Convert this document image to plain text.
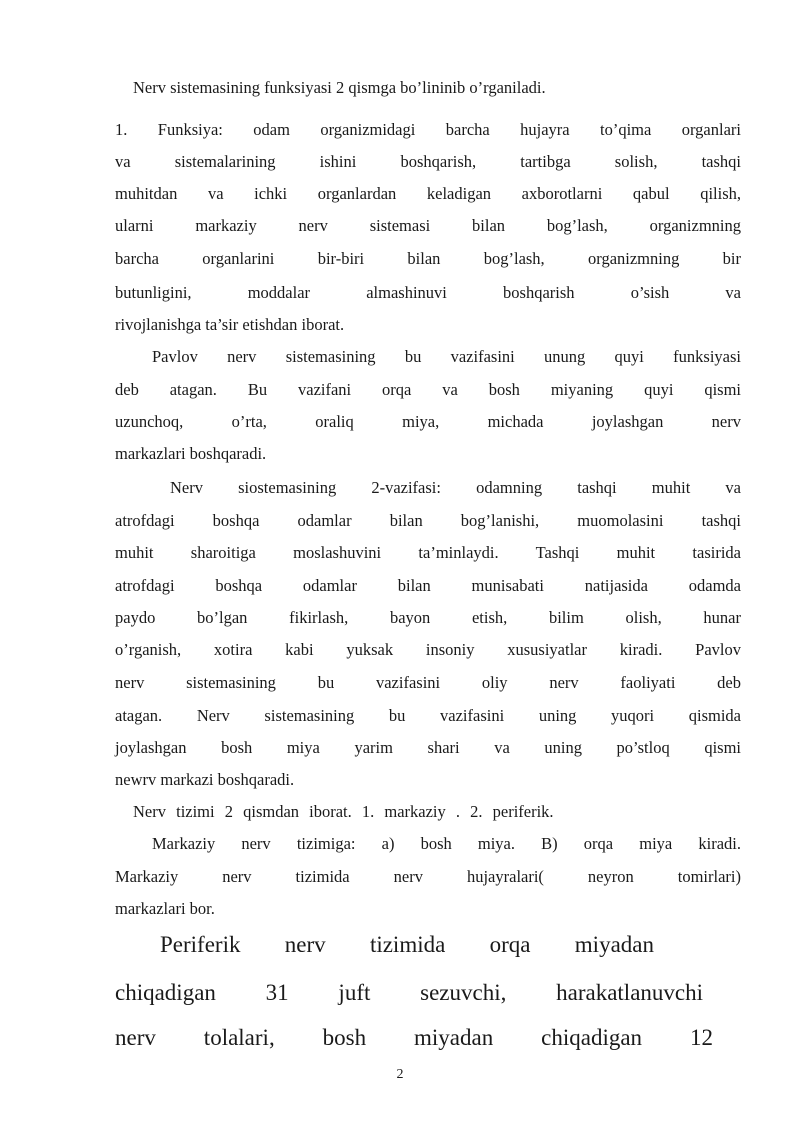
Nerv sistemasining funksiyasi 2 qismga bo’lininib o’rganiladi.
1. Funksiya: odam organizmidagi barcha hujayra to’qima organlari
va sistemalarining ishini boshqarish, tartibga solish, tashqi
muhitdan va ichki organlardan keladigan axborotlarni qabul qilish,
ularni markaziy nerv sistemasi bilan bog’lash, organizmning
barcha organlarini bir-biri bilan bog’lash, organizmning bir
butunligini, moddalar almashinuvi boshqarish o’sish va
rivojlanishga ta’sir etishdan iborat.
Pavlov nerv sistemasining bu vazifasini unung quyi funksiyasi
deb atagan. Bu vazifani orqa va bosh miyaning quyi qismi
uzunchoq, o’rta, oraliq miya, michada joylashgan nerv
markazlari boshqaradi.
Nerv siostemasining 2-vazifasi: odamning tashqi muhit va
atrofdagi boshqa odamlar bilan bog’lanishi, muomolasini tashqi
muhit sharoitiga moslashuvini ta’minlaydi. Tashqi muhit tasirida
atrofdagi boshqa odamlar bilan munisabati natijasida odamda
paydo bo’lgan fikirlash, bayon etish, bilim olish, hunar
o’rganish, xotira kabi yuksak insoniy xususiyatlar kiradi. Pavlov
nerv sistemasining bu vazifasini oliy nerv faoliyati deb
atagan. Nerv sistemasining bu vazifasini uning yuqori qismida
joylashgan bosh miya yarim shari va uning po’stloq qismi
newrv markazi boshqaradi.
Nerv tizimi 2 qismdan iborat. 1. markaziy . 2. periferik.
Markaziy nerv tizimiga: a) bosh miya. B) orqa miya kiradi.
Markaziy nerv tizimida nerv hujayralari( neyron tomirlari)
markazlari bor.
Periferik nerv tizimida orqa miyadan
chiqadigan 31 juft sezuvchi, harakatlanuvchi
nerv tolalari, bosh miyadan chiqadigan 12
2
